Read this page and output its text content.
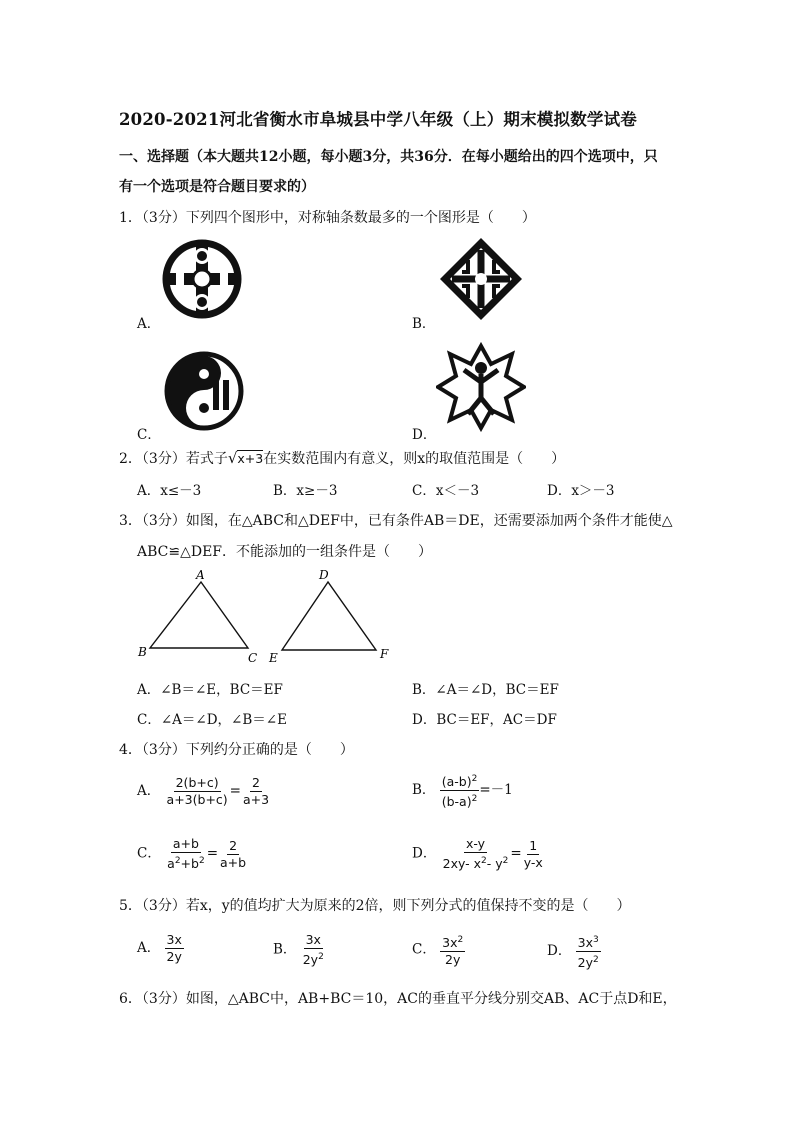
2020-2021河北省衡水市阜城县中学八年级（上）期末模拟数学试卷
一、选择题（本大题共12小题，每小题3分，共36分．在每小题给出的四个选项中，只
有一个选项是符合题目要求的）
1．（3分）下列四个图形中，对称轴条数最多的一个图形是（　　）
A．	B．
C．	D．
2．（3分）若式子√x+3在实数范围内有意义，则x的取值范围是（　　）
A．x≤－3	B．x≥－3	C．x＜－3	D．x＞－3
3．（3分）如图，在△ABC和△DEF中，已有条件AB＝DE，还需要添加两个条件才能使△
ABC≌△DEF．不能添加的一组条件是（　　）
A
B	C
D
E	F
A．∠B＝∠E，BC＝EF	B．∠A＝∠D，BC＝EF
C．∠A＝∠D，∠B＝∠E	D．BC＝EF，AC＝DF
4．（3分）下列约分正确的是（　　）
A． $\frac{2(b+c)}{a+3(b+c)} = \frac{2}{a+3}$	B． $\frac{(a-b)^2}{(b-a)^2} =-1$
C． $\frac{a+b}{a^2+b^2} = \frac{2}{a+b}$	D． $\frac{x-y}{2xy- x^2- y^2} = \frac{1}{y-x}$
5．（3分）若x，y的值均扩大为原来的2倍，则下列分式的值保持不变的是（　　）
A． $\frac{3x}{2y}$	B． $\frac{3x}{2y^2}$	C． $\frac{3x^2}{2y}$	D． $\frac{3x^3}{2y^2}$
6．（3分）如图，△ABC中，AB+BC＝10，AC的垂直平分线分别交AB、AC于点D和E，
